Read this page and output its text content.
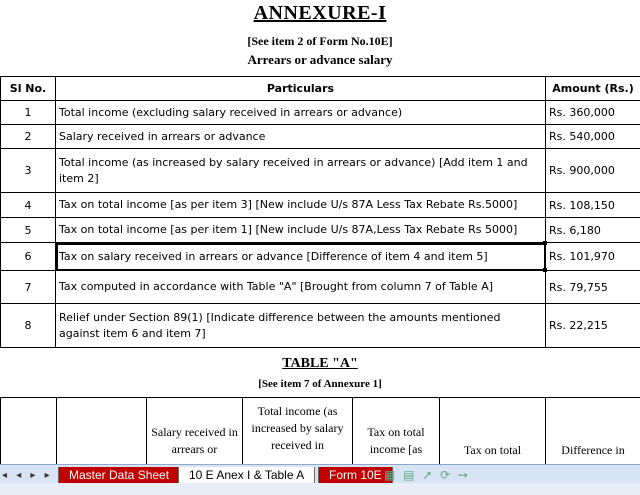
ANNEXURE-I
[See item 2 of Form No.10E]
Arrears or advance salary
Sl No.	Particulars	Amount (Rs.)
1	Total income (excluding salary received in arrears or advance)	Rs. 360,000
2	Salary received in arrears or advance	Rs. 540,000
3	Total income (as increased by salary received in arrears or advance) [Add item 1 and item 2]	Rs. 900,000
4	Tax on total income [as per item 3] [New include U/s 87A Less Tax Rebate Rs.5000]	Rs. 108,150
5	Tax on total income [as per item 1] [New include U/s 87A,Less Tax Rebate Rs 5000]	Rs. 6,180
6	Tax on salary received in arrears or advance [Difference of item 4 and item 5]	Rs. 101,970
7	Tax computed in accordance with Table "A" [Brought from column 7 of Table A]	Rs. 79,755
8	Relief under Section 89(1) [Indicate difference between the amounts mentioned against item 6 and item 7]	Rs. 22,215
TABLE "A"
[See item 7 of Annexure 1]
		Salary received in arrears or	Total income (as increased by salary received in	Tax on total income [as	Tax on total	Difference in
◂ ◂ ▸ ▸	Master Data Sheet	10 E Anex I & Table A	Form 10E ▦ ▤ ➚ ⟳ ➙
